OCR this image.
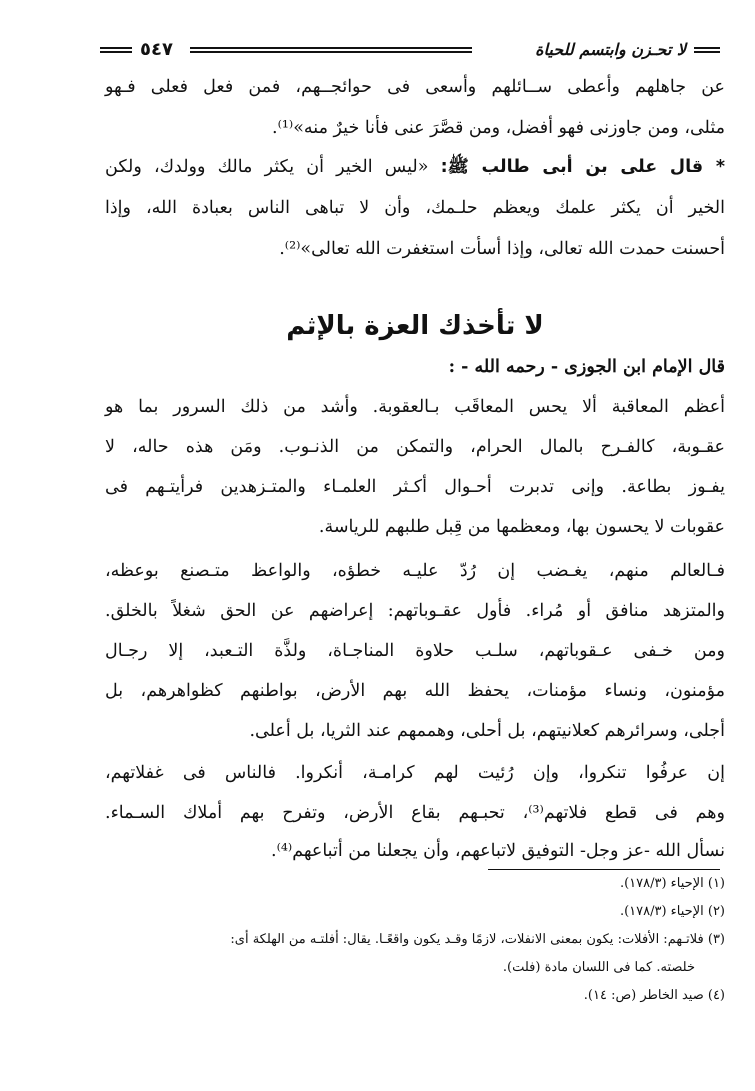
لا تحـزن وابتسم للحياة
٥٤٧
عن جاهلهم وأعطى ســائلهم وأسعى فى حوائجــهم، فمن فعل فعلى فـهو
مثلى، ومن جاوزنى فهو أفضل، ومن قصَّرَ عنى فأنا خيرٌ منه»⁽¹⁾.
* قال على بن أبى طالب ﷺ: «ليس الخير أن يكثر مالك وولدك، ولكن
الخير أن يكثر علمك ويعظم حلـمك، وأن لا تباهى الناس بعبادة الله، وإذا
أحسنت حمدت الله تعالى، وإذا أسأت استغفرت الله تعالى»⁽²⁾.
لا تأخذك العزة بالإثم
قال الإمام ابن الجوزى - رحمه الله - :
أعظم المعاقبة ألا يحس المعاقَب بـالعقوبة. وأشد من ذلك السرور بما هو
عقـوبة، كالفـرح بالمال الحرام، والتمكن من الذنـوب. ومَن هذه حاله، لا
يفـوز بطاعة. وإنى تدبرت أحـوال أكـثر العلمـاء والمتـزهدين فرأيتـهم فى
عقوبات لا يحسون بها، ومعظمها من قِبل طلبهم للرياسة.
فـالعالم منهم، يغـضب إن رُدّ عليـه خطؤه، والواعظ متـصنع بوعظه،
والمتزهد منافق أو مُراء. فأول عقـوباتهم: إعراضهم عن الحق شغلاً بالخلق.
ومن خـفى عـقوباتهم، سلـب حلاوة المناجـاة، ولذَّة التـعبد، إلا رجـال
مؤمنون، ونساء مؤمنات، يحفظ الله بهم الأرض، بواطنهم كظواهرهم، بل
أجلى، وسرائرهم كعلانيتهم، بل أحلى، وهممهم عند الثريا، بل أعلى.
إن عرفُوا تنكروا، وإن رُئيت لهم كرامـة، أنكروا. فالناس فى غفلاتهم،
وهم فى قطع فلاتهم⁽³⁾، تحبـهم بقاع الأرض، وتفرح بهم أملاك السـماء.
نسأل الله -عز وجل- التوفيق لاتباعهم، وأن يجعلنا من أتباعهم⁽⁴⁾.
(١) الإحياء (١٧٨/٣).
(٢) الإحياء (١٧٨/٣).
(٣) فلاتـهم: الأفلات: يكون بمعنى الانفلات، لازمًا وقـد يكون واقعًـا. يقال: أفلتـه من الهلكة أى:
خلصته. كما فى اللسان مادة (فلت).
(٤) صيد الخاطر (ص: ١٤).
